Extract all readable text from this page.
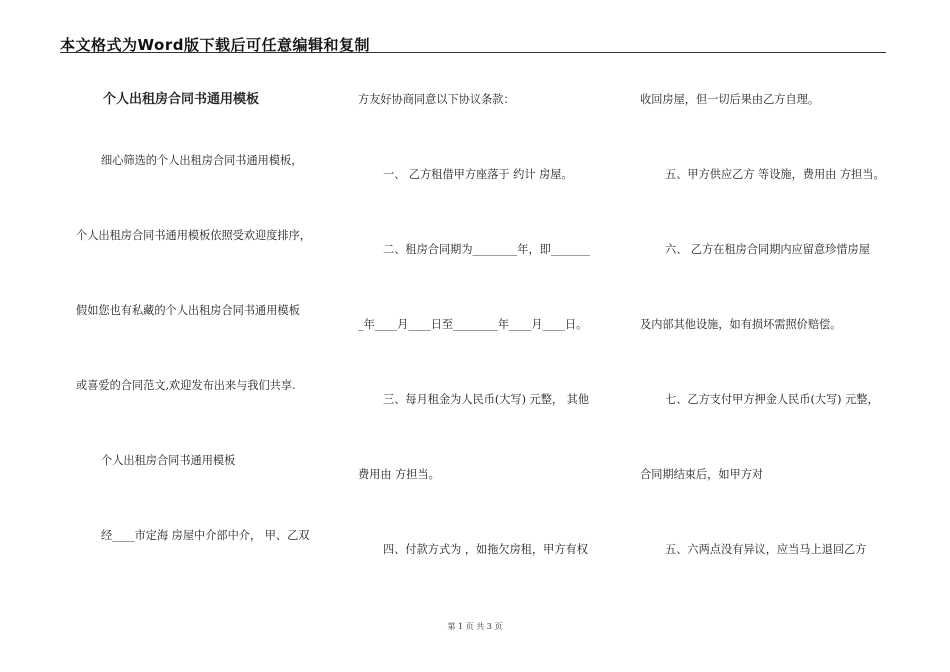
本文格式为Word版下载后可任意编辑和复制
个人出租房合同书通用模板
细心筛选的个人出租房合同书通用模板，
个人出租房合同书通用模板依照受欢迎度排序，
假如您也有私藏的个人出租房合同书通用模板
或喜爱的合同范文,欢迎发布出来与我们共享.
个人出租房合同书通用模板
经____市定海 房屋中介部中介， 甲、乙双
方友好协商同意以下协议条款：
一、 乙方租借甲方座落于 约计 房屋。
二、租房合同期为________年，即_______
_年____月____日至________年____月____日。
三、每月租金为人民币(大写) 元整， 其他
费用由 方担当。
四、付款方式为 ，如拖欠房租，甲方有权
收回房屋，但一切后果由乙方自理。
五、甲方供应乙方 等设施，费用由 方担当。
六、 乙方在租房合同期内应留意珍惜房屋
及内部其他设施，如有损坏需照价赔偿。
七、乙方支付甲方押金人民币(大写) 元整，
合同期结束后，如甲方对
五、六两点没有异议，应当马上退回乙方
第 1 页 共 3 页
